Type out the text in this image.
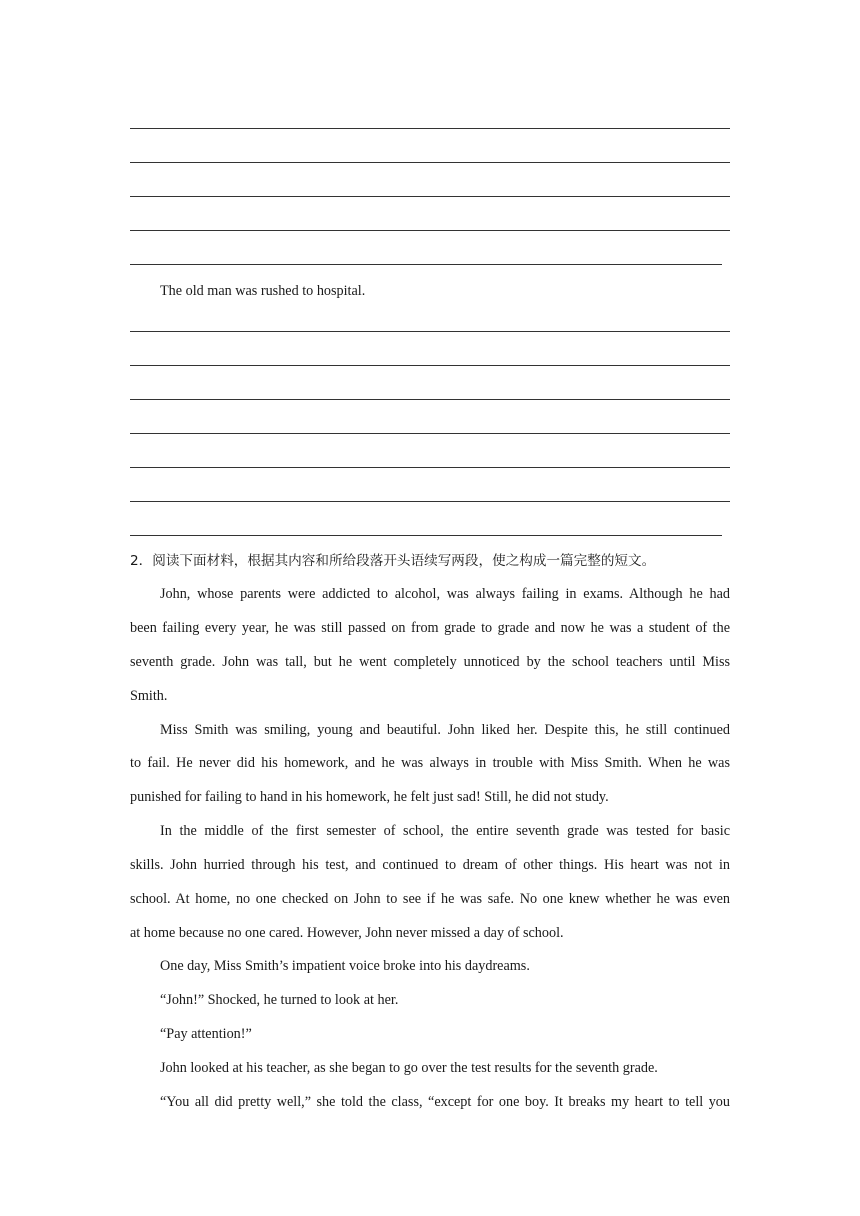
The old man was rushed to hospital.
2．阅读下面材料，根据其内容和所给段落开头语续写两段，使之构成一篇完整的短文。
John, whose parents were addicted to alcohol, was always failing in exams. Although he had
been failing every year, he was still passed on from grade to grade and now he was a student of the
seventh grade. John was tall, but he went completely unnoticed by the school teachers until Miss
Smith.
Miss Smith was smiling, young and beautiful. John liked her. Despite this, he still continued
to fail. He never did his homework, and he was always in trouble with Miss Smith. When he was
punished for failing to hand in his homework, he felt just sad! Still, he did not study.
In the middle of the first semester of school, the entire seventh grade was tested for basic
skills. John hurried through his test, and continued to dream of other things. His heart was not in
school. At home, no one checked on John to see if he was safe. No one knew whether he was even
at home because no one cared. However, John never missed a day of school.
One day, Miss Smith’s impatient voice broke into his daydreams.
“John!” Shocked, he turned to look at her.
“Pay attention!”
John looked at his teacher, as she began to go over the test results for the seventh grade.
“You all did pretty well,” she told the class, “except for one boy. It breaks my heart to tell you
